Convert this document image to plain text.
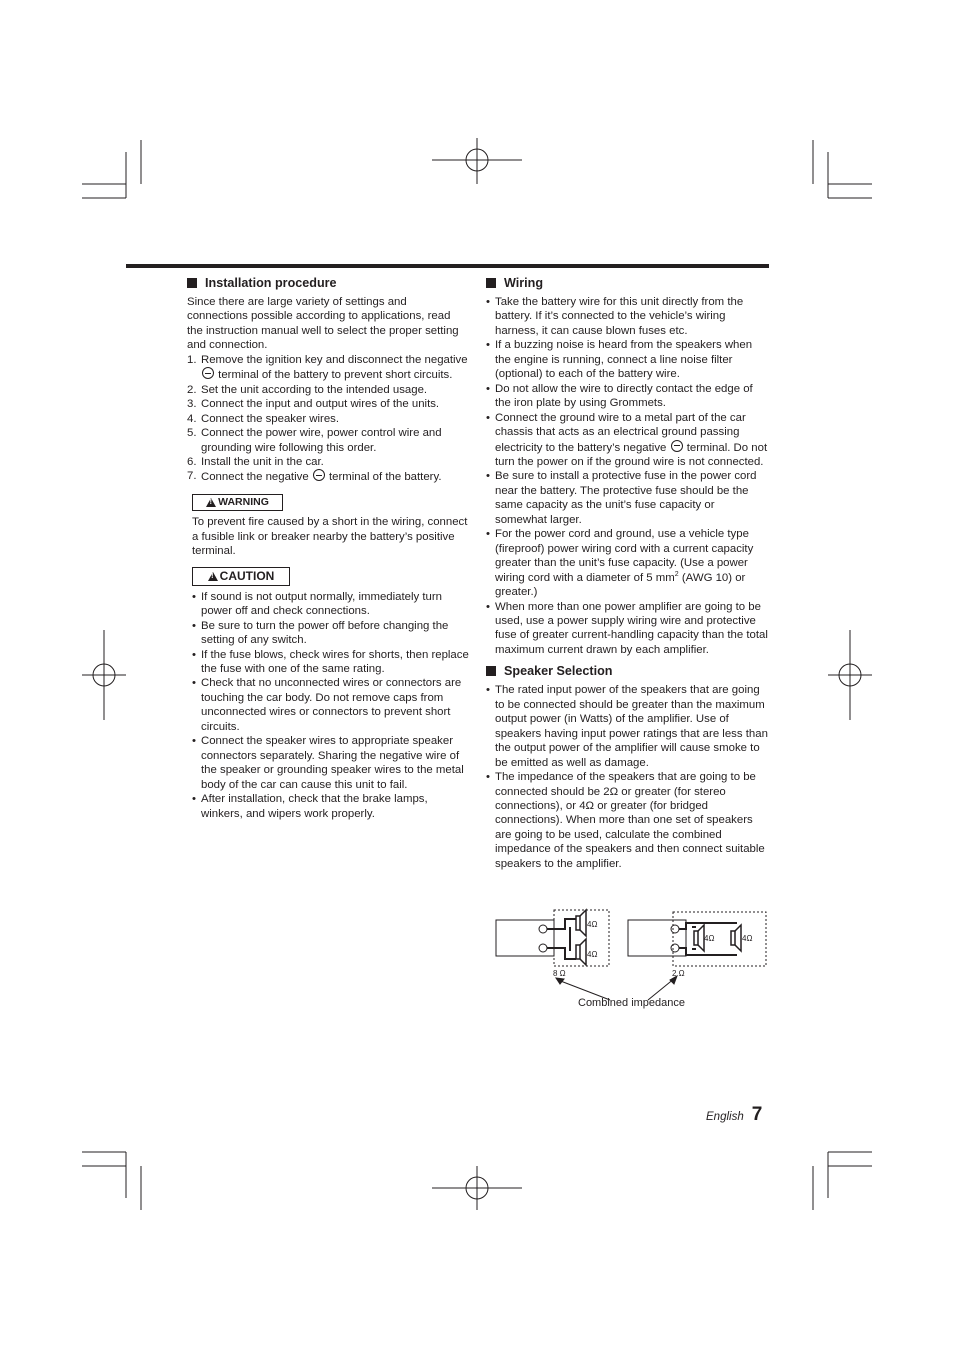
Installation procedure

Since there are large variety of settings and connections possible according to applications, read the instruction manual well to select the proper setting and connection.

1. Remove the ignition key and disconnect the negative  terminal of the battery to prevent short circuits.
2. Set the unit according to the intended usage.
3. Connect the input and output wires of the units.
4. Connect the speaker wires.
5. Connect the power wire, power control wire and grounding wire following this order.
6. Install the unit in the car.
7. Connect the negative terminal of the battery.
!
WARNING

To prevent fire caused by a short in the wiring, connect a fusible link or breaker nearby the battery’s positive terminal.

!
CAUTION
• If sound is not output normally, immediately turn power off and check connections.
• Be sure to turn the power off before changing the setting of any switch.
• If the fuse blows, check wires for shorts, then replace the fuse with one of the same rating.
• Check that no unconnected wires or connectors are touching the car body. Do not remove caps from unconnected wires or connectors to prevent short circuits.
• Connect the speaker wires to appropriate speaker connectors separately. Sharing the negative wire of the speaker or grounding speaker wires to the metal body of the car can cause this unit to fail.
• After installation, check that the brake lamps, winkers, and wipers work properly.
Wiring
• Take the battery wire for this unit directly from the battery. If it’s connected to the vehicle’s wiring harness, it can cause blown fuses etc.
• If a buzzing noise is heard from the speakers when the engine is running, connect a line noise filter (optional) to each of the battery wire.
• Do not allow the wire to directly contact the edge of the iron plate by using Grommets.
• Connect the ground wire to a metal part of the car chassis that acts as an electrical ground passing electricity to the battery’s negative terminal. Do not turn the power on if the ground wire is not connected.
• Be sure to install a protective fuse in the power cord near the battery. The protective fuse should be the same capacity as the unit’s fuse capacity or somewhat larger.
• For the power cord and ground, use a vehicle type (fireproof) power wiring cord with a current capacity greater than the unit’s fuse capacity. (Use a power wiring cord with a diameter of 5 $mm^2$ (AWG 10) or greater.)
• When more than one power amplifier are going to be used, use a power supply wiring wire and protective fuse of greater current-handling capacity than the total maximum current drawn by each amplifier.
Speaker Selection
• The rated input power of the speakers that are going to be connected should be greater than the maximum output power (in Watts) of the amplifier. Use of speakers having input power ratings that are less than the output power of the amplifier will cause smoke to be emitted as well as damage.
• The impedance of the speakers that are going to be connected should be 2Ω or greater (for stereo connections), or 4Ω or greater (for bridged connections). When more than one set of speakers are going to be used, calculate the combined impedance of the speakers and then connect suitable speakers to the amplifier.
4Ω
4Ω
8 Ω
4Ω	4Ω
2 Ω
Combined impedance
English 7
